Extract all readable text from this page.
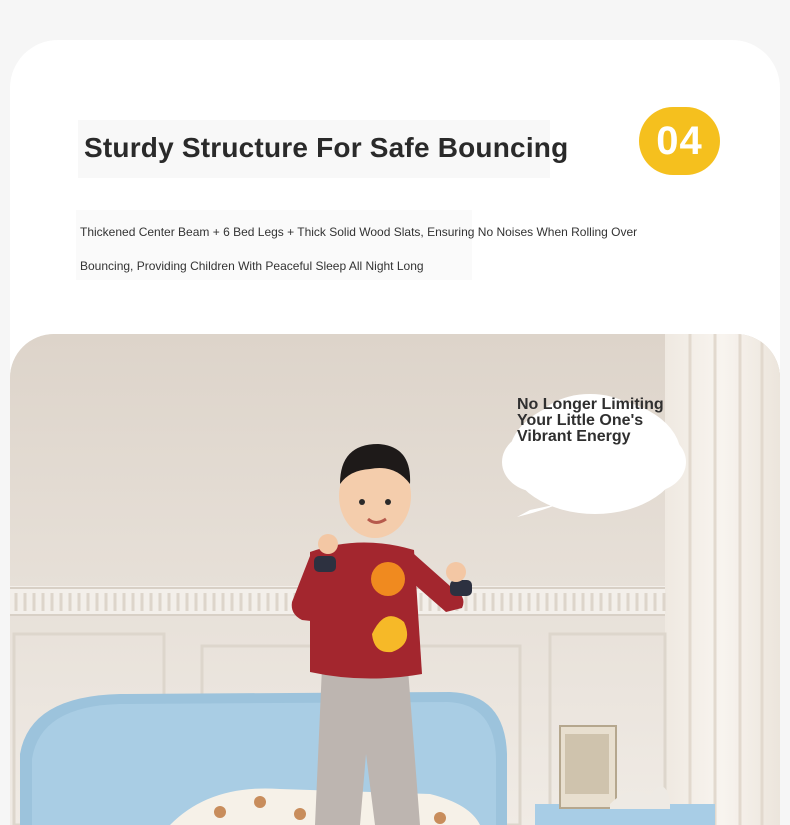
Sturdy Structure For Safe Bouncing	04

Thickened Center Beam + 6 Bed Legs + Thick Solid Wood Slats, Ensuring No Noises When Rolling Over Bouncing, Providing Children With Peaceful Sleep All Night Long

No Longer Limiting
Your Little One's
Vibrant Energy
